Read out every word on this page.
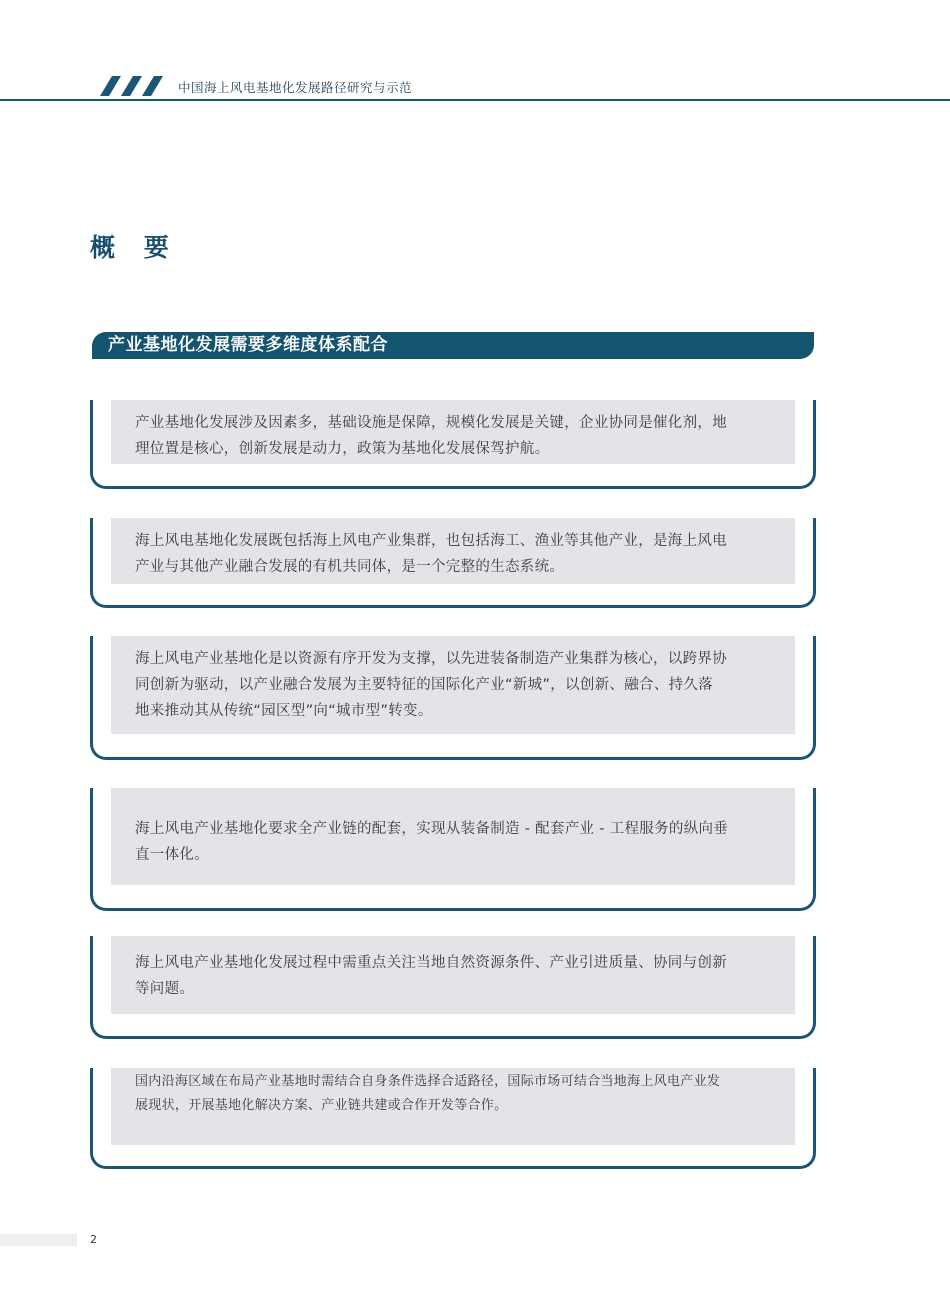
中国海上风电基地化发展路径研究与示范
概 要
产业基地化发展需要多维度体系配合
产业基地化发展涉及因素多，基础设施是保障，规模化发展是关键，企业协同是催化剂，地
理位置是核心，创新发展是动力，政策为基地化发展保驾护航。
海上风电基地化发展既包括海上风电产业集群，也包括海工、渔业等其他产业，是海上风电
产业与其他产业融合发展的有机共同体，是一个完整的生态系统。
海上风电产业基地化是以资源有序开发为支撑，以先进装备制造产业集群为核心，以跨界协
同创新为驱动，以产业融合发展为主要特征的国际化产业“新城”，以创新、融合、持久落
地来推动其从传统“园区型”向“城市型”转变。
海上风电产业基地化要求全产业链的配套，实现从装备制造 - 配套产业 - 工程服务的纵向垂
直一体化。
海上风电产业基地化发展过程中需重点关注当地自然资源条件、产业引进质量、协同与创新
等问题。
国内沿海区域在布局产业基地时需结合自身条件选择合适路径，国际市场可结合当地海上风电产业发
展现状，开展基地化解决方案、产业链共建或合作开发等合作。
2
